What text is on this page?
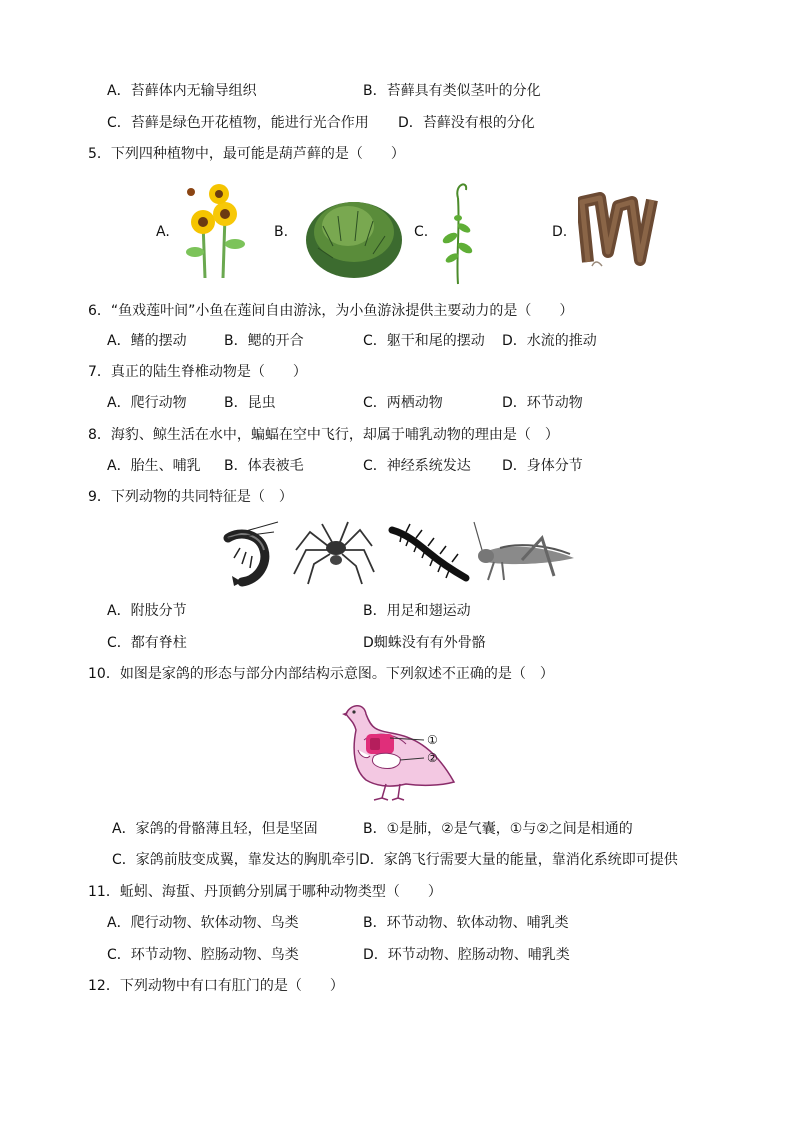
A．苔藓体内无输导组织	B．苔藓具有类似茎叶的分化
C．苔藓是绿色开花植物，能进行光合作用 D．苔藓没有根的分化
5．下列四种植物中，最可能是葫芦藓的是（　　）
A.	B.	C.	D.
6．“鱼戏莲叶间”小鱼在莲间自由游泳，为小鱼游泳提供主要动力的是（　　）
A．鳍的摆动	B．鳃的开合	C．躯干和尾的摆动 D．水流的推动
7．真正的陆生脊椎动物是（　　）
A．爬行动物	B．昆虫	C．两栖动物	D．环节动物
8．海豹、鲸生活在水中，蝙蝠在空中飞行，却属于哺乳动物的理由是（　）
A．胎生、哺乳 B．体表被毛	C．神经系统发达 D．身体分节
9．下列动物的共同特征是（　）
A．附肢分节	B．用足和翅运动
C．都有脊柱	D蜘蛛没有有外骨骼
10．如图是家鸽的形态与部分内部结构示意图。下列叙述不正确的是（　）
①
②
A．家鸽的骨骼薄且轻，但是坚固	B．①是肺，②是气囊，①与②之间是相通的
C．家鸽前肢变成翼，靠发达的胸肌牵引 D．家鸽飞行需要大量的能量，靠消化系统即可提供
11．蚯蚓、海蜇、丹顶鹤分别属于哪种动物类型（　　）
A．爬行动物、软体动物、鸟类	B．环节动物、软体动物、哺乳类
C．环节动物、腔肠动物、鸟类	D．环节动物、腔肠动物、哺乳类
12．下列动物中有口有肛门的是（　　）
